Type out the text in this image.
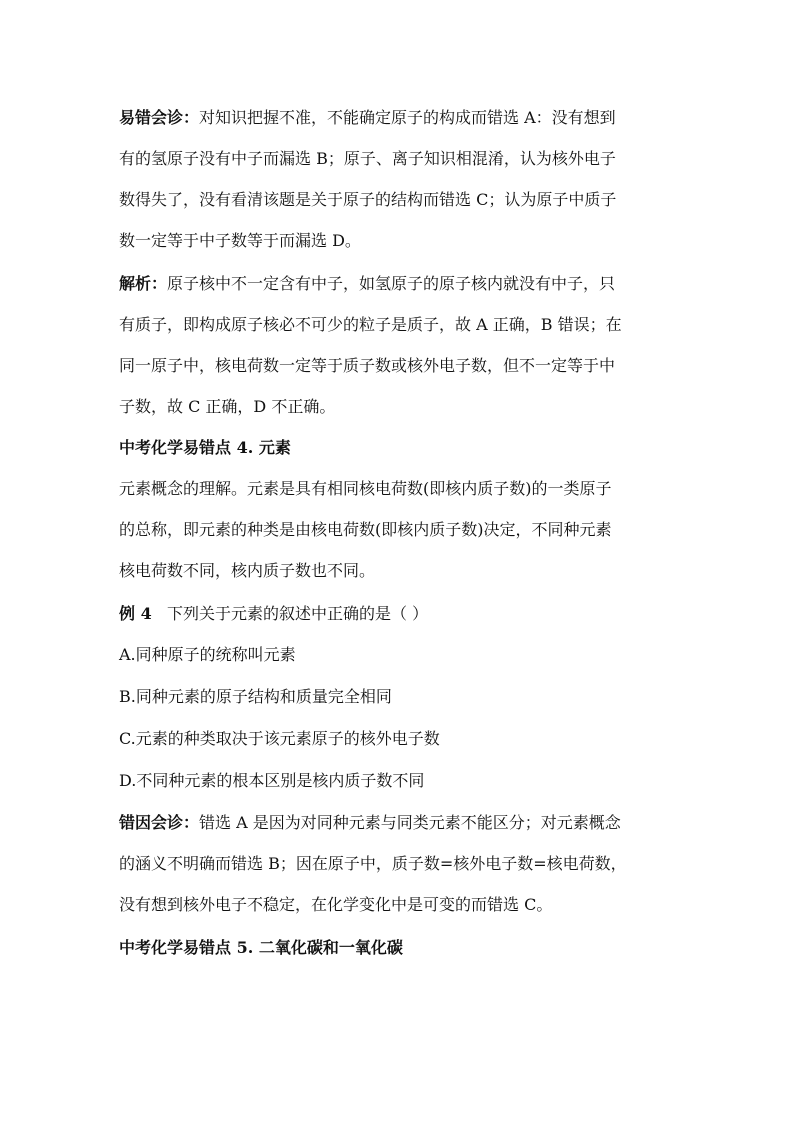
易错会诊：对知识把握不准，不能确定原子的构成而错选 A：没有想到

有的氢原子没有中子而漏选 B；原子、离子知识相混淆，认为核外电子

数得失了，没有看清该题是关于原子的结构而错选 C；认为原子中质子

数一定等于中子数等于而漏选 D。

解析：原子核中不一定含有中子，如氢原子的原子核内就没有中子，只

有质子，即构成原子核必不可少的粒子是质子，故 A 正确，B 错误；在

同一原子中，核电荷数一定等于质子数或核外电子数，但不一定等于中

子数，故 C 正确，D 不正确。

中考化学易错点 4. 元素

元素概念的理解。元素是具有相同核电荷数(即核内质子数)的一类原子

的总称，即元素的种类是由核电荷数(即核内质子数)决定，不同种元素

核电荷数不同，核内质子数也不同。

例 4 下列关于元素的叙述中正确的是（ ）

A.同种原子的统称叫元素

B.同种元素的原子结构和质量完全相同

C.元素的种类取决于该元素原子的核外电子数

D.不同种元素的根本区别是核内质子数不同

错因会诊：错选 A 是因为对同种元素与同类元素不能区分；对元素概念

的涵义不明确而错选 B；因在原子中，质子数=核外电子数=核电荷数，

没有想到核外电子不稳定，在化学变化中是可变的而错选 C。

中考化学易错点 5. 二氧化碳和一氧化碳
